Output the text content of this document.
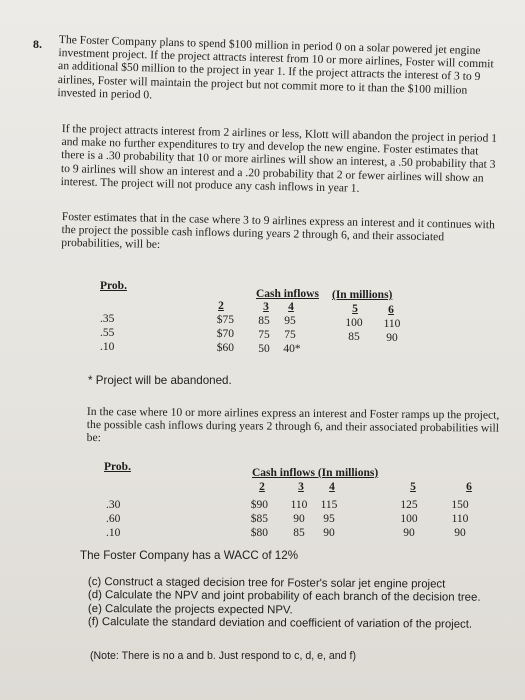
8. The Foster Company plans to spend $100 million in period 0 on a solar powered jet engine investment project. If the project attracts interest from 10 or more airlines, Foster will commit an additional $50 million to the project in year 1. If the project attracts the interest of 3 to 9 airlines, Foster will maintain the project but not commit more to it than the $100 million invested in period 0.
If the project attracts interest from 2 airlines or less, Klott will abandon the project in period 1 and make no further expenditures to try and develop the new engine. Foster estimates that there is a .30 probability that 10 or more airlines will show an interest, a .50 probability that 3 to 9 airlines will show an interest and a .20 probability that 2 or fewer airlines will show an interest. The project will not produce any cash inflows in year 1.
Foster estimates that in the case where 3 to 9 airlines express an interest and it continues with the project the possible cash inflows during years 2 through 6, and their associated probabilities, will be:
Prob.
Cash inflows (In millions)
2	3	4	5	6
.35	$75	85	95	100	110
.55	$70	75	75	85	90
.10	$60	50	40*
* Project will be abandoned.
In the case where 10 or more airlines express an interest and Foster ramps up the project, the possible cash inflows during years 2 through 6, and their associated probabilities will be:
Prob.	Cash inflows (In millions)
2	3	4	5	6
.30	$90	110	115	125	150
.60	$85	90	95	100	110
.10	$80	85	90	90	90
The Foster Company has a WACC of 12%
(c) Construct a staged decision tree for Foster's solar jet engine project
(d) Calculate the NPV and joint probability of each branch of the decision tree.
(e) Calculate the projects expected NPV.
(f) Calculate the standard deviation and coefficient of variation of the project.
(Note: There is no a and b. Just respond to c, d, e, and f)
